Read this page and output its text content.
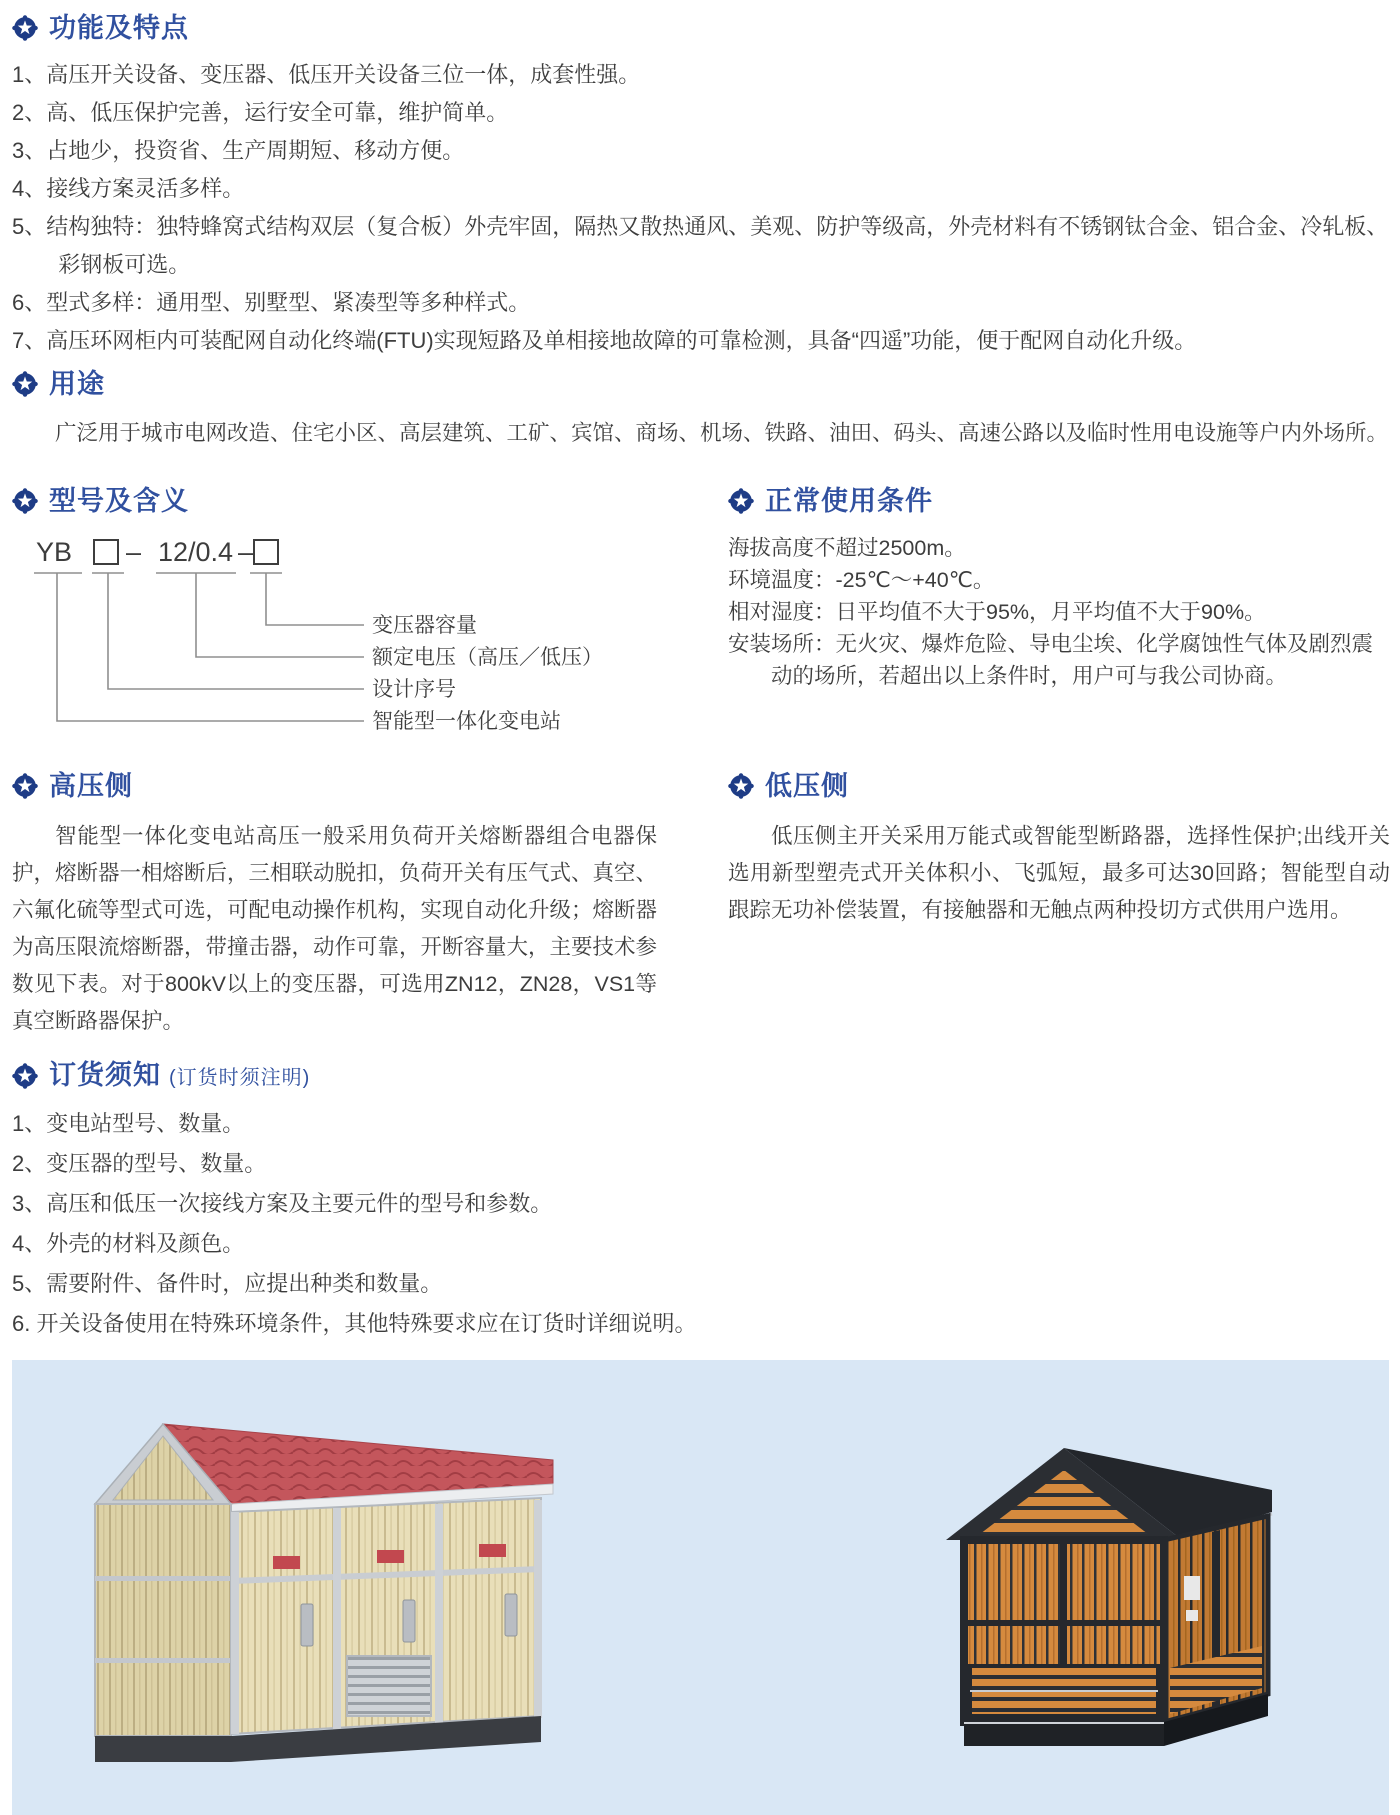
功能及特点
1、高压开关设备、变压器、低压开关设备三位一体，成套性强。
2、高、低压保护完善，运行安全可靠，维护简单。
3、占地少，投资省、生产周期短、移动方便。
4、接线方案灵活多样。
5、结构独特：独特蜂窝式结构双层（复合板）外壳牢固，隔热又散热通风、美观、防护等级高，外壳材料有不锈钢钛合金、铝合金、冷轧板、彩钢板可选。
6、型式多样：通用型、别墅型、紧凑型等多种样式。
7、高压环网柜内可装配网自动化终端(FTU)实现短路及单相接地故障的可靠检测，具备“四遥”功能，便于配网自动化升级。
用途

广泛用于城市电网改造、住宅小区、高层建筑、工矿、宾馆、商场、机场、铁路、油田、码头、高速公路以及临时性用电设施等户内外场所。

型号及含义
YB – 12/0.4 –
变压器容量
额定电压（高压／低压）
设计序号
智能型一体化变电站
正常使用条件

海拔高度不超过2500m。

环境温度：-25℃～+40℃。

相对湿度：日平均值不大于95%，月平均值不大于90%。

安装场所：无火灾、爆炸危险、导电尘埃、化学腐蚀性气体及剧烈震动的场所，若超出以上条件时，用户可与我公司协商。

高压侧

智能型一体化变电站高压一般采用负荷开关熔断器组合电器保护，熔断器一相熔断后，三相联动脱扣，负荷开关有压气式、真空、六氟化硫等型式可选，可配电动操作机构，实现自动化升级；熔断器为高压限流熔断器，带撞击器，动作可靠，开断容量大，主要技术参数见下表。对于800kV以上的变压器，可选用ZN12，ZN28，VS1等真空断路器保护。

低压侧

低压侧主开关采用万能式或智能型断路器，选择性保护;出线开关选用新型塑壳式开关体积小、飞弧短，最多可达30回路；智能型自动跟踪无功补偿装置，有接触器和无触点两种投切方式供用户选用。

订货须知 (订货时须注明)
1、变电站型号、数量。
2、变压器的型号、数量。
3、高压和低压一次接线方案及主要元件的型号和参数。
4、外壳的材料及颜色。
5、需要附件、备件时，应提出种类和数量。
6. 开关设备使用在特殊环境条件，其他特殊要求应在订货时详细说明。
